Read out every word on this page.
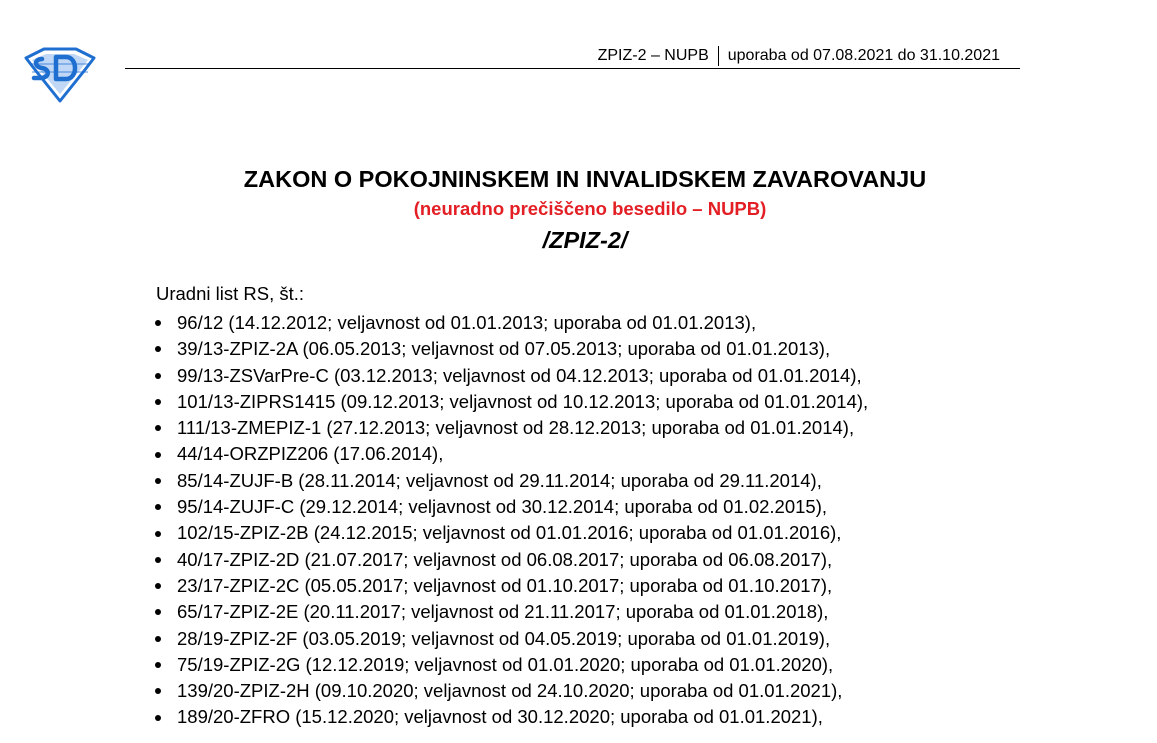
ZPIZ-2 – NUPB uporaba od 07.08.2021 do 31.10.2021
ZAKON O POKOJNINSKEM IN INVALIDSKEM ZAVAROVANJU
(neuradno prečiščeno besedilo – NUPB)
/ZPIZ-2/
Uradni list RS, št.:
96/12 (14.12.2012; veljavnost od 01.01.2013; uporaba od 01.01.2013),
39/13-ZPIZ-2A (06.05.2013; veljavnost od 07.05.2013; uporaba od 01.01.2013),
99/13-ZSVarPre-C (03.12.2013; veljavnost od 04.12.2013; uporaba od 01.01.2014),
101/13-ZIPRS1415 (09.12.2013; veljavnost od 10.12.2013; uporaba od 01.01.2014),
111/13-ZMEPIZ-1 (27.12.2013; veljavnost od 28.12.2013; uporaba od 01.01.2014),
44/14-ORZPIZ206 (17.06.2014),
85/14-ZUJF-B (28.11.2014; veljavnost od 29.11.2014; uporaba od 29.11.2014),
95/14-ZUJF-C (29.12.2014; veljavnost od 30.12.2014; uporaba od 01.02.2015),
102/15-ZPIZ-2B (24.12.2015; veljavnost od 01.01.2016; uporaba od 01.01.2016),
40/17-ZPIZ-2D (21.07.2017; veljavnost od 06.08.2017; uporaba od 06.08.2017),
23/17-ZPIZ-2C (05.05.2017; veljavnost od 01.10.2017; uporaba od 01.10.2017),
65/17-ZPIZ-2E (20.11.2017; veljavnost od 21.11.2017; uporaba od 01.01.2018),
28/19-ZPIZ-2F (03.05.2019; veljavnost od 04.05.2019; uporaba od 01.01.2019),
75/19-ZPIZ-2G (12.12.2019; veljavnost od 01.01.2020; uporaba od 01.01.2020),
139/20-ZPIZ-2H (09.10.2020; veljavnost od 24.10.2020; uporaba od 01.01.2021),
189/20-ZFRO (15.12.2020; veljavnost od 30.12.2020; uporaba od 01.01.2021),
